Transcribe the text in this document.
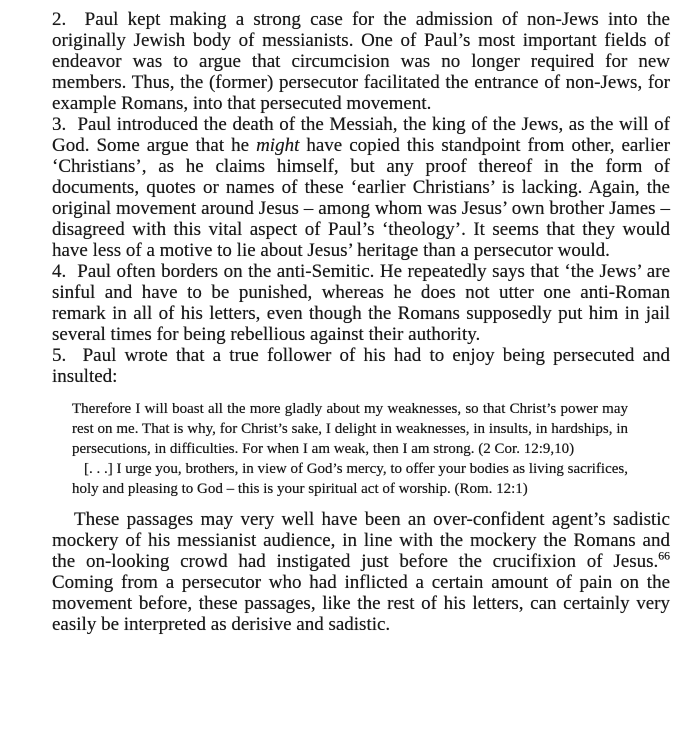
2.  Paul kept making a strong case for the admission of non-Jews into the originally Jewish body of messianists. One of Paul’s most important fields of endeavor was to argue that circumcision was no longer required for new members. Thus, the (former) persecutor facilitated the entrance of non-Jews, for example Romans, into that persecuted movement.

3.  Paul introduced the death of the Messiah, the king of the Jews, as the will of God. Some argue that he might have copied this standpoint from other, earlier ‘Christians’, as he claims himself, but any proof thereof in the form of documents, quotes or names of these ‘earlier Christians’ is lacking. Again, the original movement around Jesus – among whom was Jesus’ own brother James – disagreed with this vital aspect of Paul’s ‘theology’. It seems that they would have less of a motive to lie about Jesus’ heritage than a persecutor would.

4.  Paul often borders on the anti-Semitic. He repeatedly says that ‘the Jews’ are sinful and have to be punished, whereas he does not utter one anti-Roman remark in all of his letters, even though the Romans supposedly put him in jail several times for being rebellious against their authority.

5.  Paul wrote that a true follower of his had to enjoy being persecuted and insulted:

Therefore I will boast all the more gladly about my weaknesses, so that Christ’s power may rest on me. That is why, for Christ’s sake, I delight in weaknesses, in insults, in hardships, in persecutions, in difficulties. For when I am weak, then I am strong. (2 Cor. 12:9,10)

[. . .] I urge you, brothers, in view of God’s mercy, to offer your bodies as living sacrifices, holy and pleasing to God – this is your spiritual act of worship. (Rom. 12:1)

These passages may very well have been an over-confident agent’s sadistic mockery of his messianist audience, in line with the mockery the Romans and the on-looking crowd had instigated just before the crucifixion of Jesus.$^{66}$ Coming from a persecutor who had inflicted a certain amount of pain on the movement before, these passages, like the rest of his letters, can certainly very easily be interpreted as derisive and sadistic.
